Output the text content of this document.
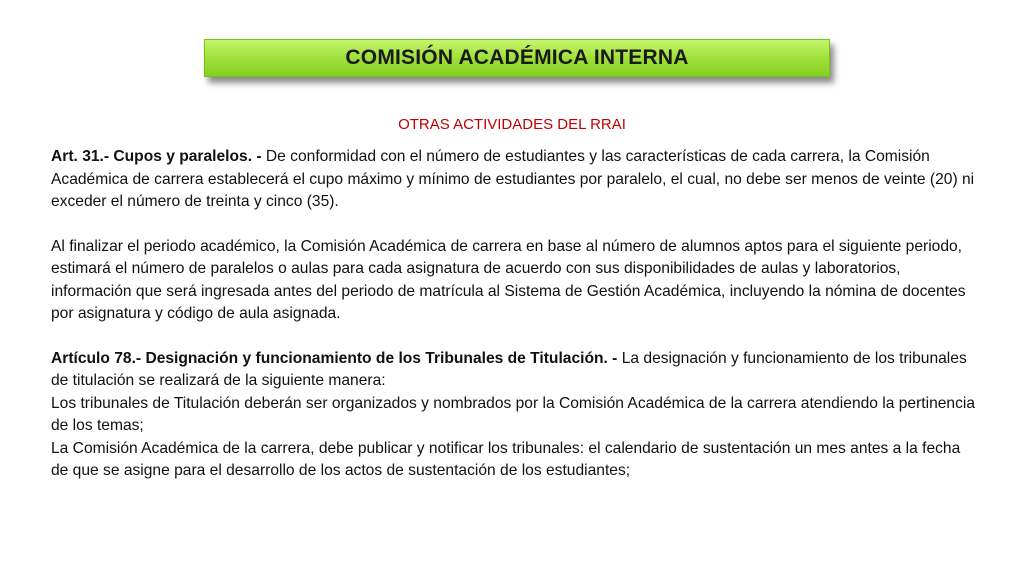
COMISIÓN ACADÉMICA INTERNA
OTRAS ACTIVIDADES DEL RRAI

Art. 31.- Cupos y paralelos. - De conformidad con el número de estudiantes y las características de cada carrera, la Comisión Académica de carrera establecerá el cupo máximo y mínimo de estudiantes por paralelo, el cual, no debe ser menos de veinte (20) ni exceder el número de treinta y cinco (35).

Al finalizar el periodo académico, la Comisión Académica de carrera en base al número de alumnos aptos para el siguiente periodo, estimará el número de paralelos o aulas para cada asignatura de acuerdo con sus disponibilidades de aulas y laboratorios, información que será ingresada antes del periodo de matrícula al Sistema de Gestión Académica, incluyendo la nómina de docentes por asignatura y código de aula asignada.

Artículo 78.- Designación y funcionamiento de los Tribunales de Titulación. - La designación y funcionamiento de los tribunales de titulación se realizará de la siguiente manera:

Los tribunales de Titulación deberán ser organizados y nombrados por la Comisión Académica de la carrera atendiendo la pertinencia de los temas;

La Comisión Académica de la carrera, debe publicar y notificar los tribunales: el calendario de sustentación un mes antes a la fecha de que se asigne para el desarrollo de los actos de sustentación de los estudiantes;
